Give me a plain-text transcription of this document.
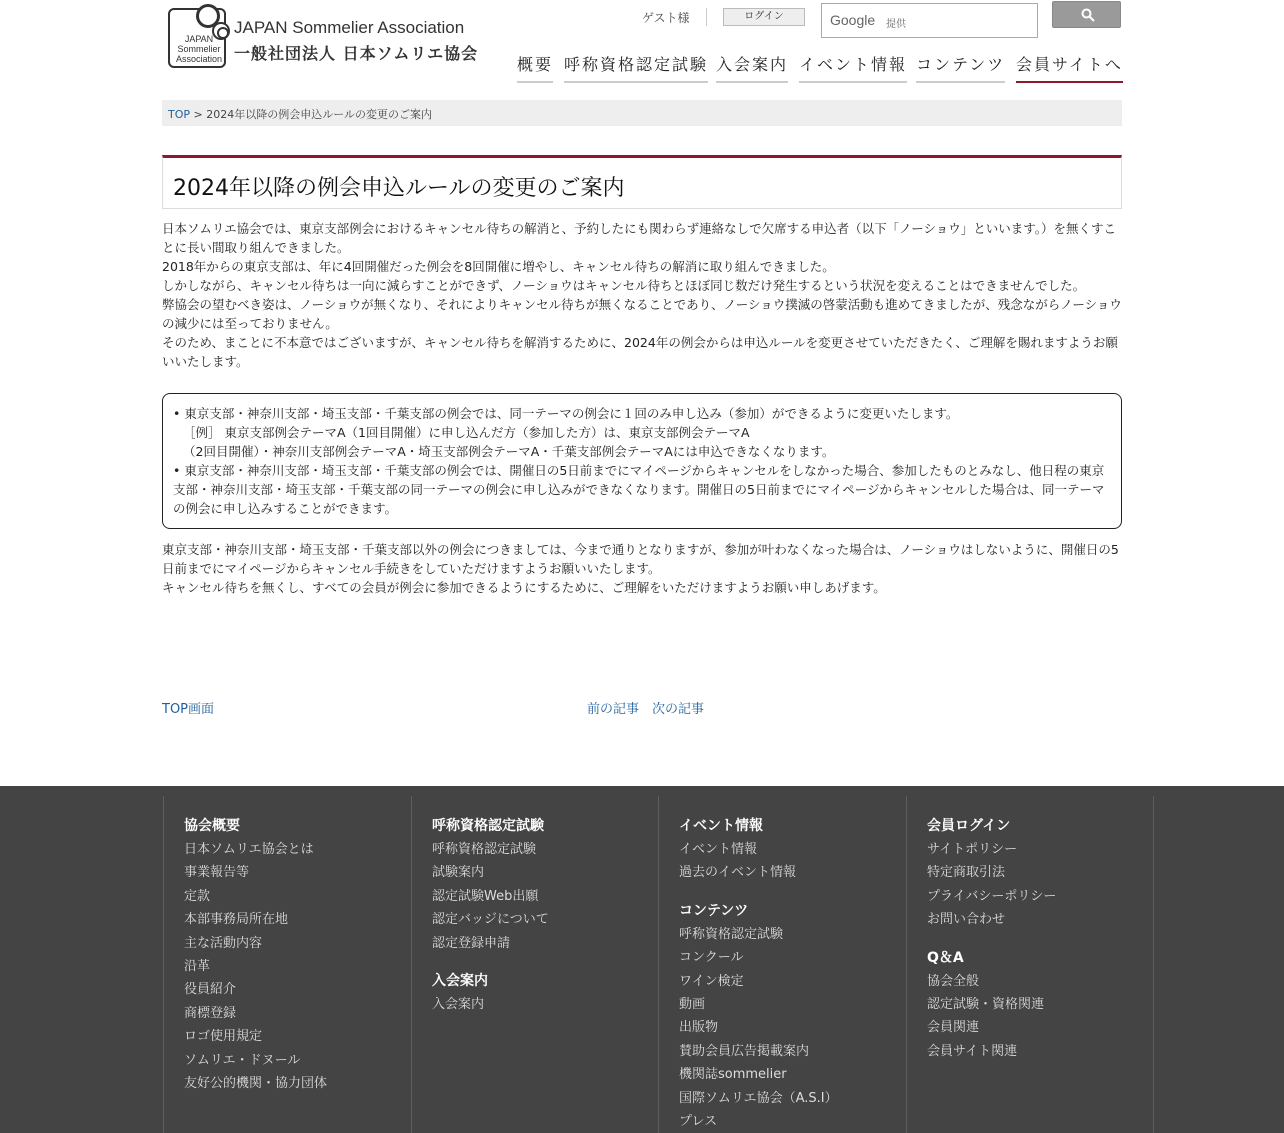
JAPAN
Sommelier
Association
JAPAN Sommelier Association
一般社団法人 日本ソムリエ協会
ゲスト様	ログイン	Google 提供
概要 呼称資格認定試験 入会案内 イベント情報 コンテンツ 会員サイトへ
TOP > 2024年以降の例会申込ルールの変更のご案内
2024年以降の例会申込ルールの変更のご案内

日本ソムリエ協会では、東京支部例会におけるキャンセル待ちの解消と、予約したにも関わらず連絡なしで欠席する申込者（以下「ノーショウ」といいます。）を無くすことに長い間取り組んできました。

2018年からの東京支部は、年に4回開催だった例会を8回開催に増やし、キャンセル待ちの解消に取り組んできました。

しかしながら、キャンセル待ちは一向に減らすことができず、ノーショウはキャンセル待ちとほぼ同じ数だけ発生するという状況を変えることはできませんでした。

弊協会の望むべき姿は、ノーショウが無くなり、それによりキャンセル待ちが無くなることであり、ノーショウ撲滅の啓蒙活動も進めてきましたが、残念ながらノーショウの減少には至っておりません。

そのため、まことに不本意ではございますが、キャンセル待ちを解消するために、2024年の例会からは申込ルールを変更させていただきたく、ご理解を賜れますようお願いいたします。

• 東京支部・神奈川支部・埼玉支部・千葉支部の例会では、同一テーマの例会に１回のみ申し込み（参加）ができるように変更いたします。

［例］ 東京支部例会テーマA（1回目開催）に申し込んだ方（参加した方）は、東京支部例会テーマA

（2回目開催）・神奈川支部例会テーマA・埼玉支部例会テーマA・千葉支部例会テーマAには申込できなくなります。

• 東京支部・神奈川支部・埼玉支部・千葉支部の例会では、開催日の5日前までにマイページからキャンセルをしなかった場合、参加したものとみなし、他日程の東京支部・神奈川支部・埼玉支部・千葉支部の同一テーマの例会に申し込みができなくなります。開催日の5日前までにマイページからキャンセルした場合は、同一テーマの例会に申し込みすることができます。

東京支部・神奈川支部・埼玉支部・千葉支部以外の例会につきましては、今まで通りとなりますが、参加が叶わなくなった場合は、ノーショウはしないように、開催日の5日前までにマイページからキャンセル手続きをしていただけますようお願いいたします。

キャンセル待ちを無くし、すべての会員が例会に参加できるようにするために、ご理解をいただけますようお願い申しあげます。

TOP画面	前の記事 次の記事
協会概要
日本ソムリエ協会とは
事業報告等
定款
本部事務局所在地
主な活動内容
沿革
役員紹介
商標登録
ロゴ使用規定
ソムリエ・ドヌール
友好公的機関・協力団体
呼称資格認定試験
呼称資格認定試験
試験案内
認定試験Web出願
認定バッジについて
認定登録申請
入会案内
入会案内
イベント情報
イベント情報
過去のイベント情報
コンテンツ
呼称資格認定試験
コンクール
ワイン検定
動画
出版物
賛助会員広告掲載案内
機関誌sommelier
国際ソムリエ協会（A.S.I）
プレス
会員ログイン
サイトポリシー
特定商取引法
プライバシーポリシー
お問い合わせ
Q＆A
協会全般
認定試験・資格関連
会員関連
会員サイト関連
